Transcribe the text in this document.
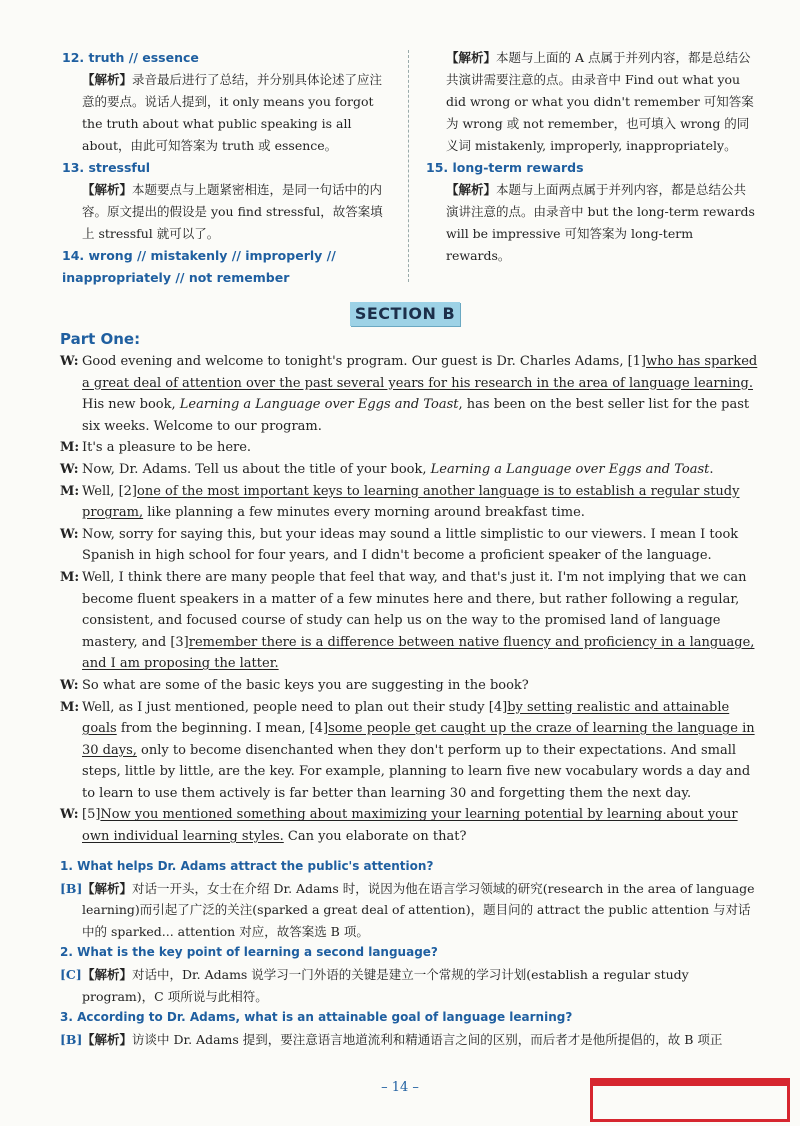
12. truth // essence
【解析】录音最后进行了总结，并分别具体论述了应注意的要点。说话人提到，it only means you forgot the truth about what public speaking is all about，由此可知答案为 truth 或 essence。
13. stressful
【解析】本题要点与上题紧密相连，是同一句话中的内容。原文提出的假设是 you find stressful，故答案填上 stressful 就可以了。
14. wrong // mistakenly // improperly // inappropriately // not remember
【解析】本题与上面的 A 点属于并列内容，都是总结公共演讲需要注意的点。由录音中 Find out what you did wrong or what you didn't remember 可知答案为 wrong 或 not remember，也可填入 wrong 的同义词 mistakenly, improperly, inappropriately。
15. long-term rewards
【解析】本题与上面两点属于并列内容，都是总结公共演讲注意的点。由录音中 but the long-term rewards will be impressive 可知答案为 long-term rewards。
SECTION B
Part One:
W: Good evening and welcome to tonight's program. Our guest is Dr. Charles Adams, [1]who has sparked a great deal of attention over the past several years for his research in the area of language learning. His new book, Learning a Language over Eggs and Toast, has been on the best seller list for the past six weeks. Welcome to our program.
M: It's a pleasure to be here.
W: Now, Dr. Adams. Tell us about the title of your book, Learning a Language over Eggs and Toast.
M: Well, [2]one of the most important keys to learning another language is to establish a regular study program, like planning a few minutes every morning around breakfast time.
W: Now, sorry for saying this, but your ideas may sound a little simplistic to our viewers. I mean I took Spanish in high school for four years, and I didn't become a proficient speaker of the language.
M: Well, I think there are many people that feel that way, and that's just it. I'm not implying that we can become fluent speakers in a matter of a few minutes here and there, but rather following a regular, consistent, and focused course of study can help us on the way to the promised land of language mastery, and [3]remember there is a difference between native fluency and proficiency in a language, and I am proposing the latter.
W: So what are some of the basic keys you are suggesting in the book?
M: Well, as I just mentioned, people need to plan out their study [4]by setting realistic and attainable goals from the beginning. I mean, [4]some people get caught up the craze of learning the language in 30 days, only to become disenchanted when they don't perform up to their expectations. And small steps, little by little, are the key. For example, planning to learn five new vocabulary words a day and to learn to use them actively is far better than learning 30 and forgetting them the next day.
W: [5]Now you mentioned something about maximizing your learning potential by learning about your own individual learning styles. Can you elaborate on that?
1. What helps Dr. Adams attract the public's attention?
[B] 【解析】对话一开头，女士在介绍 Dr. Adams 时，说因为他在语言学习领域的研究(research in the area of language learning)而引起了广泛的关注(sparked a great deal of attention)，题目问的 attract the public attention 与对话中的 sparked... attention 对应，故答案选 B 项。
2. What is the key point of learning a second language?
[C] 【解析】对话中，Dr. Adams 说学习一门外语的关键是建立一个常规的学习计划(establish a regular study program)，C 项所说与此相符。
3. According to Dr. Adams, what is an attainable goal of language learning?
[B] 【解析】访谈中 Dr. Adams 提到，要注意语言地道流利和精通语言之间的区别，而后者才是他所提倡的，故 B 项正
– 14 –
